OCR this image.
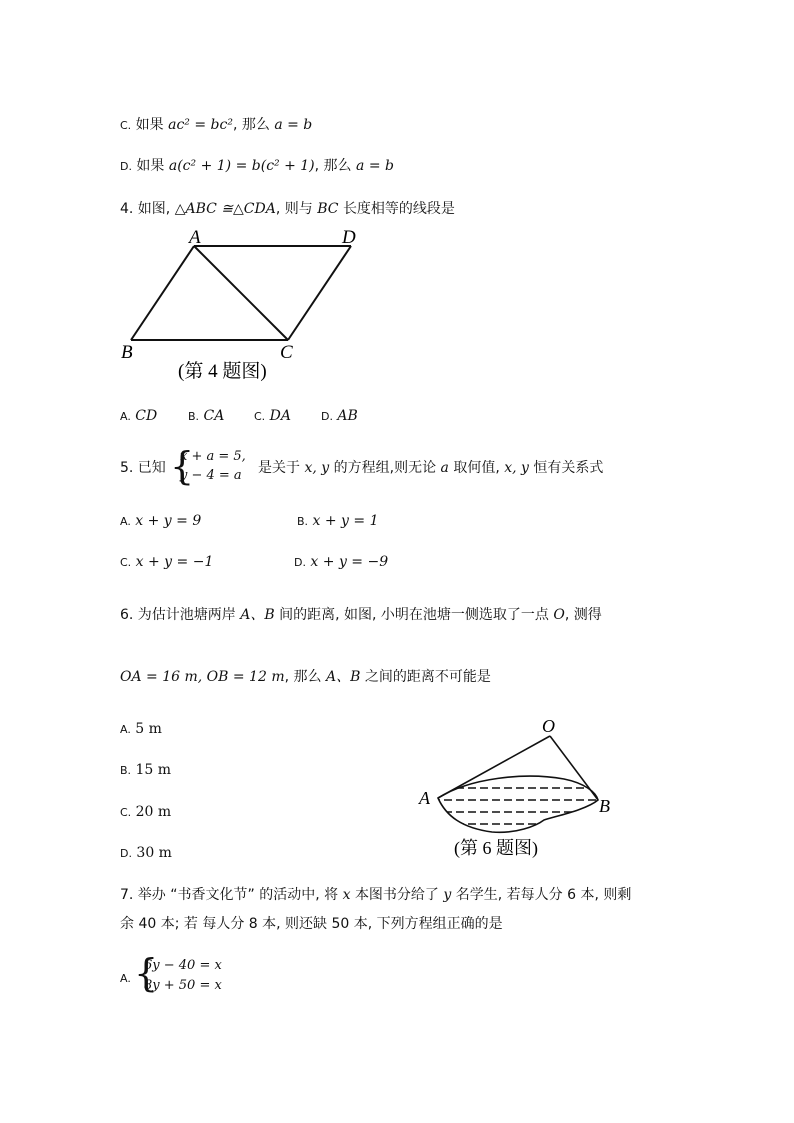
C. 如果 ac² = bc², 那么 a = b
D. 如果 a(c² + 1) = b(c² + 1), 那么 a = b
4. 如图, △ABC ≅△CDA, 则与 BC 长度相等的线段是
A	D
B	C
(第 4 题图)
A. CD	B. CA	C. DA	D. AB
5. 已知 {
x + a = 5,
y − 4 = a 是关于 x, y 的方程组,则无论 a 取何值, x, y 恒有关系式
A. x + y = 9	B. x + y = 1
C. x + y = −1	D. x + y = −9
6. 为估计池塘两岸 A、B 间的距离, 如图, 小明在池塘一侧选取了一点 O, 测得
OA = 16 m, OB = 12 m, 那么 A、B 之间的距离不可能是
A. 5 m
B. 15 m
C. 20 m
D. 30 m
O
A	B
(第 6 题图)
7. 举办 “书香文化节” 的活动中, 将 x 本图书分给了 y 名学生, 若每人分 6 本, 则剩
余 40 本; 若 每人分 8 本, 则还缺 50 本, 下列方程组正确的是
A. {
6y − 40 = x
8y + 50 = x
